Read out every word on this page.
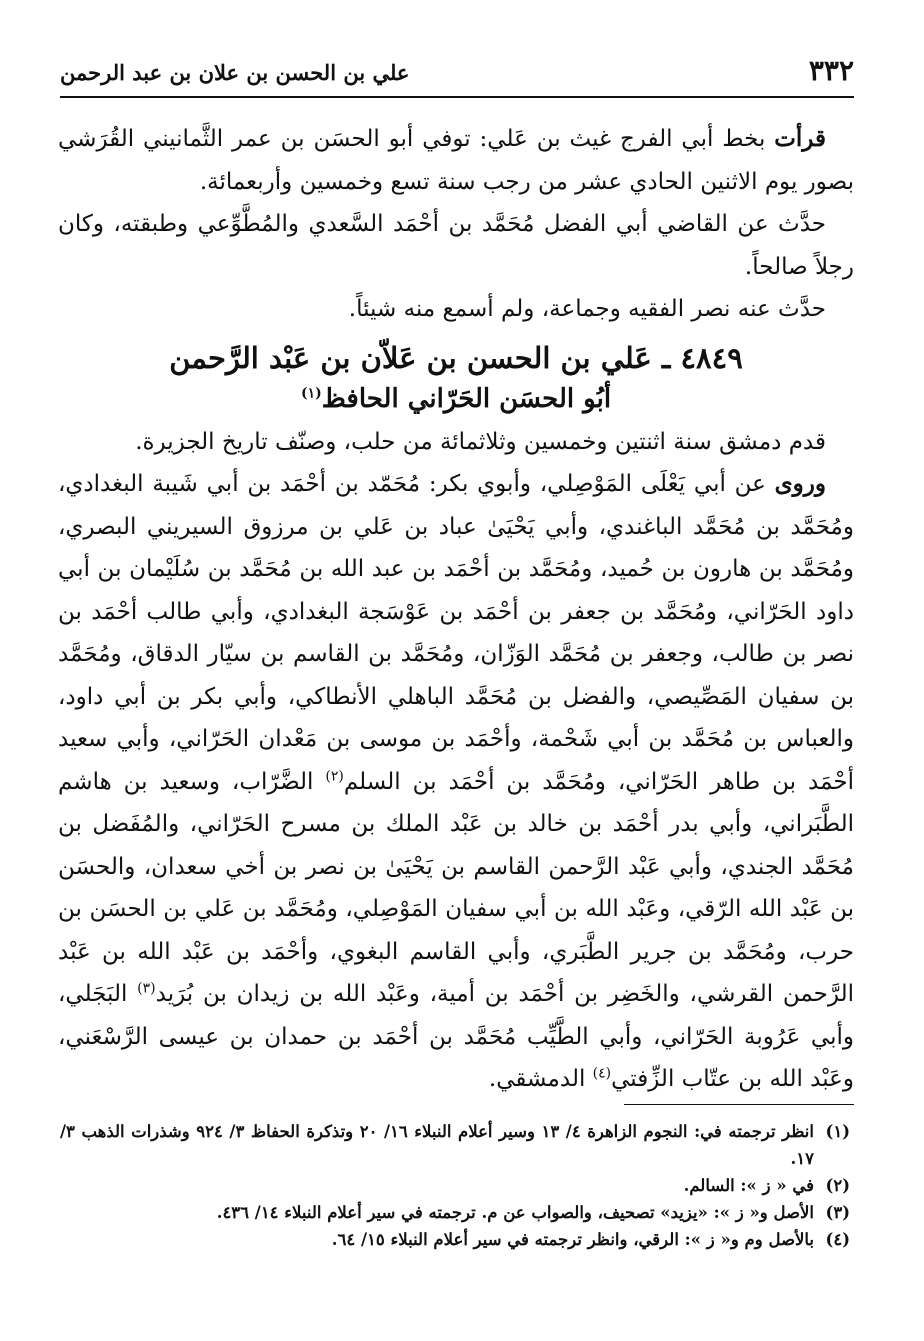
٣٣٢
علي بن الحسن بن علان بن عبد الرحمن

قرأت بخط أبي الفرج غيث بن عَلي: توفي أبو الحسَن بن عمر الثَّمانيني القُرَشي بصور يوم الاثنين الحادي عشر من رجب سنة تسع وخمسين وأربعمائة.

حدَّث عن القاضي أبي الفضل مُحَمَّد بن أحْمَد السَّعدي والمُطَّوِّعي وطبقته، وكان رجلاً صالحاً.

حدَّث عنه نصر الفقيه وجماعة، ولم أسمع منه شيئاً.

٤٨٤٩ ـ عَلي بن الحسن بن عَلاّن بن عَبْد الرَّحمن
أبُو الحسَن الحَرّاني الحافظ$^{(١)}$

قدم دمشق سنة اثنتين وخمسين وثلاثمائة من حلب، وصنّف تاريخ الجزيرة.

وروى عن أبي يَعْلَى المَوْصِلي، وأبوي بكر: مُحَمّد بن أحْمَد بن أبي شَيبة البغدادي، ومُحَمَّد بن مُحَمَّد الباغندي، وأبي يَحْيَىٰ عباد بن عَلي بن مرزوق السيريني البصري، ومُحَمَّد بن هارون بن حُميد، ومُحَمَّد بن أحْمَد بن عبد الله بن مُحَمَّد بن سُلَيْمان بن أبي داود الحَرّاني، ومُحَمَّد بن جعفر بن أحْمَد بن عَوْسَجة البغدادي، وأبي طالب أحْمَد بن نصر بن طالب، وجعفر بن مُحَمَّد الوَزّان، ومُحَمَّد بن القاسم بن سيّار الدقاق، ومُحَمَّد بن سفيان المَصِّيصي، والفضل بن مُحَمَّد الباهلي الأنطاكي، وأبي بكر بن أبي داود، والعباس بن مُحَمَّد بن أبي شَحْمة، وأحْمَد بن موسى بن مَعْدان الحَرّاني، وأبي سعيد أحْمَد بن طاهر الحَرّاني، ومُحَمَّد بن أحْمَد بن السلم$^{(٢)}$ الضَّرّاب، وسعيد بن هاشم الطَّبَراني، وأبي بدر أحْمَد بن خالد بن عَبْد الملك بن مسرح الحَرّاني، والمُفَضل بن مُحَمَّد الجندي، وأبي عَبْد الرَّحمن القاسم بن يَحْيَىٰ بن نصر بن أخي سعدان، والحسَن بن عَبْد الله الرّقي، وعَبْد الله بن أبي سفيان المَوْصِلي، ومُحَمَّد بن عَلي بن الحسَن بن حرب، ومُحَمَّد بن جرير الطَّبَري، وأبي القاسم البغوي، وأحْمَد بن عَبْد الله بن عَبْد الرَّحمن القرشي، والخَضِر بن أحْمَد بن أمية، وعَبْد الله بن زيدان بن بُرَيد$^{(٣)}$ البَجَلي، وأبي عَرُوبة الحَرّاني، وأبي الطَّيِّب مُحَمَّد بن أحْمَد بن حمدان بن عيسى الرَّسْعَني، وعَبْد الله بن عتّاب الزِّفتي$^{(٤)}$ الدمشقي.

(١)
انظر ترجمته في: النجوم الزاهرة ٤/ ١٣ وسير أعلام النبلاء ١٦/ ٢٠ وتذكرة الحفاظ ٣/ ٩٢٤ وشذرات الذهب ٣/ ١٧.

(٢)
في « ز »: السالم.

(٣)
الأصل و« ز »: «يزيد» تصحيف، والصواب عن م. ترجمته في سير أعلام النبلاء ١٤/ ٤٣٦.

(٤)
بالأصل وم و« ز »: الرقي، وانظر ترجمته في سير أعلام النبلاء ١٥/ ٦٤.
